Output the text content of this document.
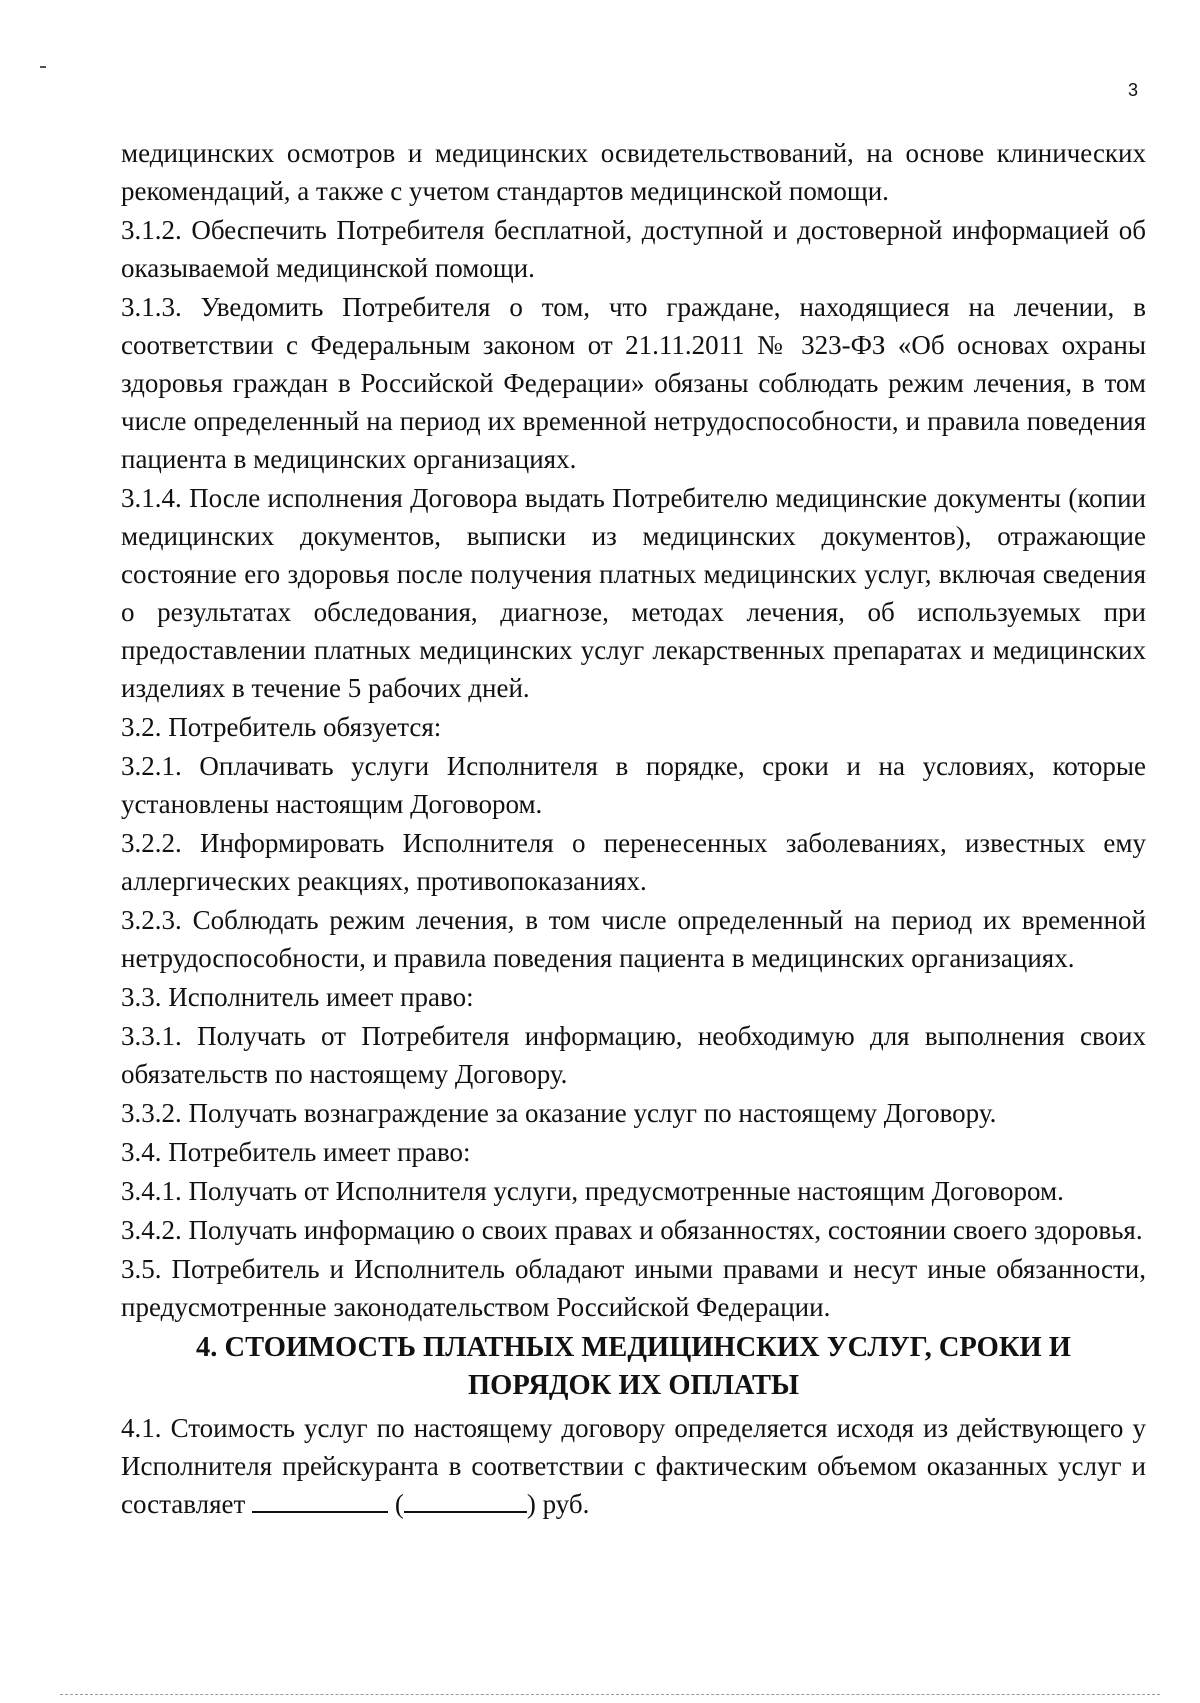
3

медицинских осмотров и медицинских освидетельствований, на основе клинических рекомендаций, а также с учетом стандартов медицинской помощи.

3.1.2. Обеспечить Потребителя бесплатной, доступной и достоверной информацией об оказываемой медицинской помощи.

3.1.3. Уведомить Потребителя о том, что граждане, находящиеся на лечении, в соответствии с Федеральным законом от 21.11.2011 № 323-ФЗ «Об основах охраны здоровья граждан в Российской Федерации» обязаны соблюдать режим лечения, в том числе определенный на период их временной нетрудоспособности, и правила поведения пациента в медицинских организациях.

3.1.4. После исполнения Договора выдать Потребителю медицинские документы (копии медицинских документов, выписки из медицинских документов), отражающие состояние его здоровья после получения платных медицинских услуг, включая сведения о результатах обследования, диагнозе, методах лечения, об используемых при предоставлении платных медицинских услуг лекарственных препаратах и медицинских изделиях в течение 5 рабочих дней.

3.2. Потребитель обязуется:

3.2.1. Оплачивать услуги Исполнителя в порядке, сроки и на условиях, которые установлены настоящим Договором.

3.2.2. Информировать Исполнителя о перенесенных заболеваниях, известных ему аллергических реакциях, противопоказаниях.

3.2.3. Соблюдать режим лечения, в том числе определенный на период их временной нетрудоспособности, и правила поведения пациента в медицинских организациях.

3.3. Исполнитель имеет право:

3.3.1. Получать от Потребителя информацию, необходимую для выполнения своих обязательств по настоящему Договору.

3.3.2. Получать вознаграждение за оказание услуг по настоящему Договору.

3.4. Потребитель имеет право:

3.4.1. Получать от Исполнителя услуги, предусмотренные настоящим Договором.

3.4.2. Получать информацию о своих правах и обязанностях, состоянии своего здоровья.

3.5. Потребитель и Исполнитель обладают иными правами и несут иные обязанности, предусмотренные законодательством Российской Федерации.

4. СТОИМОСТЬ ПЛАТНЫХ МЕДИЦИНСКИХ УСЛУГ, СРОКИ И ПОРЯДОК ИХ ОПЛАТЫ

4.1. Стоимость услуг по настоящему договору определяется исходя из действующего у Исполнителя прейскуранта в соответствии с фактическим объемом оказанных услуг и составляет	(	) руб.
